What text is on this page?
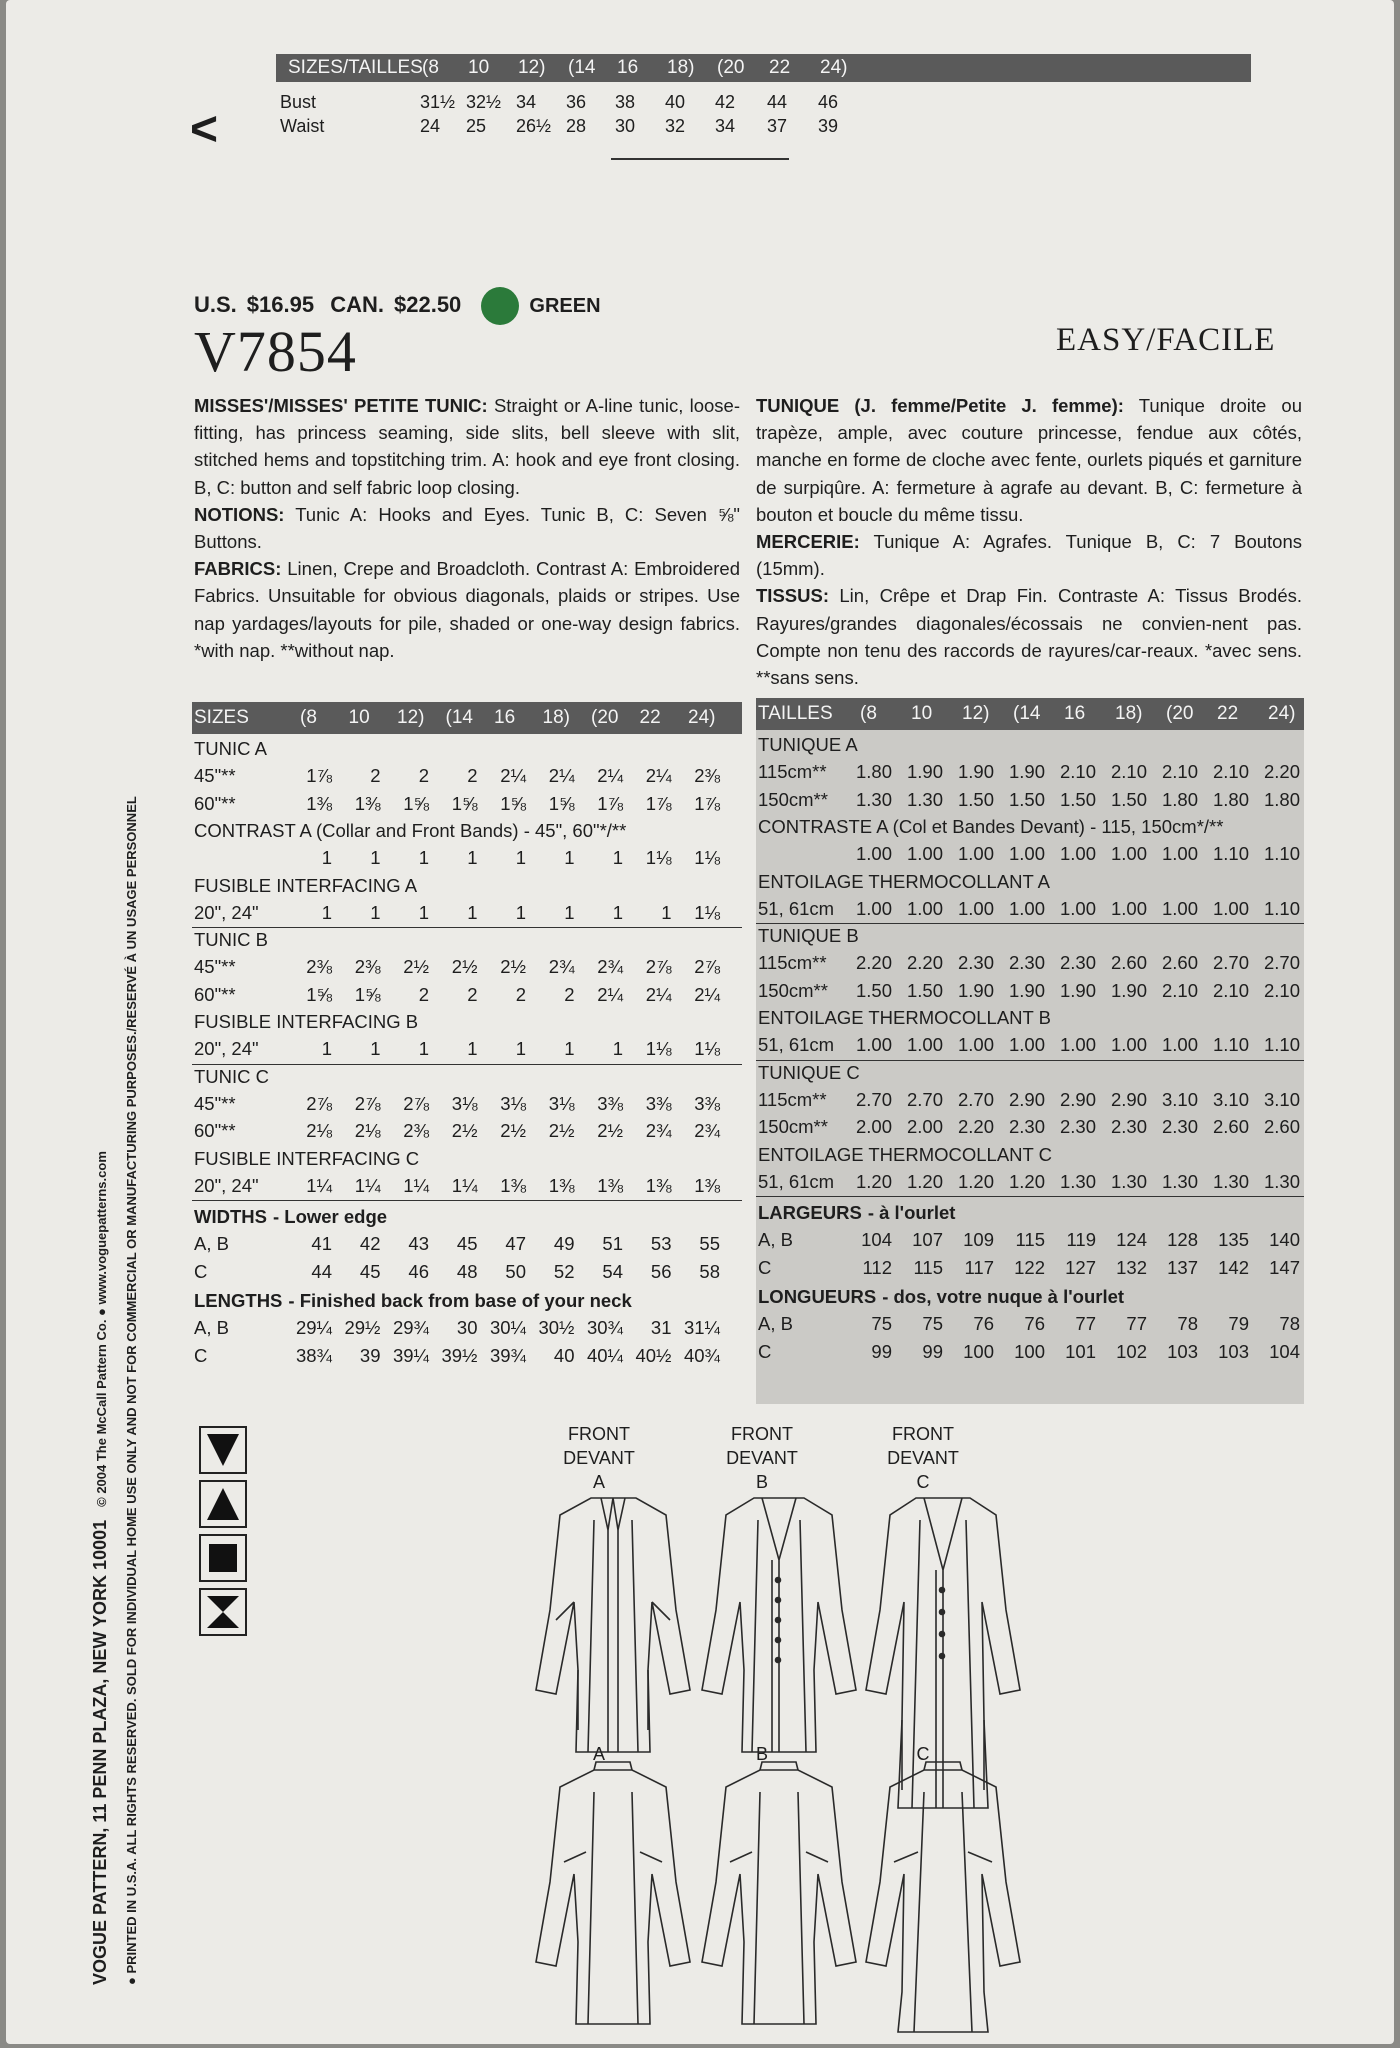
<
SIZES/TAILLES (8 10 12) (14 16 18) (20 22 24)
Bust	31½ 32½ 34 36 38 40 42 44 46
Waist	24 25 26½ 28 30 32 34 37 39
U.S. $16.95 CAN. $22.50	GREEN
V7854	EASY/FACILE
MISSES'/MISSES' PETITE TUNIC: Straight or A-line tunic, loose-fitting, has princess seaming, side slits, bell sleeve with slit, stitched hems and topstitching trim. A: hook and eye front closing. B, C: button and self fabric loop closing.
NOTIONS: Tunic A: Hooks and Eyes. Tunic B, C: Seven ⅝" Buttons.
FABRICS: Linen, Crepe and Broadcloth. Contrast A: Embroidered Fabrics. Unsuitable for obvious diagonals, plaids or stripes. Use nap yardages/layouts for pile, shaded or one-way design fabrics. *with nap. **without nap.
TUNIQUE (J. femme/Petite J. femme): Tunique droite ou trapèze, ample, avec couture princesse, fendue aux côtés, manche en forme de cloche avec fente, ourlets piqués et garniture de surpiqûre. A: fermeture à agrafe au devant. B, C: fermeture à bouton et boucle du même tissu.
MERCERIE: Tunique A: Agrafes. Tunique B, C: 7 Boutons (15mm).
TISSUS: Lin, Crêpe et Drap Fin. Contraste A: Tissus Brodés. Rayures/grandes diagonales/écossais ne convien-nent pas. Compte non tenu des raccords de rayures/car-reaux. *avec sens. **sans sens.
SIZES	(8 10 12) (14 16 18) (20 22 24)
TUNIC A
45"**	1⅞	2	2	2	2¼	2¼	2¼	2¼	2⅜
60"**	1⅜	1⅜	1⅝	1⅝	1⅝	1⅝	1⅞	1⅞	1⅞
CONTRAST A (Collar and Front Bands) - 45", 60"*/**
1	1	1	1	1	1	1	1⅛	1⅛
FUSIBLE INTERFACING A
20", 24"	1	1	1	1	1	1	1	1	1⅛
TUNIC B
45"**	2⅜	2⅜	2½	2½	2½	2¾	2¾	2⅞	2⅞
60"**	1⅝	1⅝	2	2	2	2	2¼	2¼	2¼
FUSIBLE INTERFACING B
20", 24"	1	1	1	1	1	1	1	1⅛	1⅛
TUNIC C
45"**	2⅞	2⅞	2⅞	3⅛	3⅛	3⅛	3⅜	3⅜	3⅜
60"**	2⅛	2⅛	2⅜	2½	2½	2½	2½	2¾	2¾
FUSIBLE INTERFACING C
20", 24"	1¼	1¼	1¼	1¼	1⅜	1⅜	1⅜	1⅜	1⅜
WIDTHS - Lower edge
A, B	41	42	43	45	47	49	51	53	55
C	44	45	46	48	50	52	54	56	58
LENGTHS - Finished back from base of your neck
A, B	29¼ 29½ 29¾	30 30¼ 30½ 30¾	31 31¼
C	38¾	39 39¼ 39½ 39¾	40 40¼ 40½ 40¾
TAILLES (8 10 12) (14 16 18) (20 22 24)
TUNIQUE A
115cm**	1.80 1.90 1.90 1.90 2.10 2.10 2.10 2.10 2.20
150cm**	1.30 1.30 1.50 1.50 1.50 1.50 1.80 1.80 1.80
CONTRASTE A (Col et Bandes Devant) - 115, 150cm*/**
1.00 1.00 1.00 1.00 1.00 1.00 1.00 1.10 1.10
ENTOILAGE THERMOCOLLANT A
51, 61cm	1.00 1.00 1.00 1.00 1.00 1.00 1.00 1.00 1.10
TUNIQUE B
115cm**	2.20 2.20 2.30 2.30 2.30 2.60 2.60 2.70 2.70
150cm**	1.50 1.50 1.90 1.90 1.90 1.90 2.10 2.10 2.10
ENTOILAGE THERMOCOLLANT B
51, 61cm	1.00 1.00 1.00 1.00 1.00 1.00 1.00 1.10 1.10
TUNIQUE C
115cm**	2.70 2.70 2.70 2.90 2.90 2.90 3.10 3.10 3.10
150cm**	2.00 2.00 2.20 2.30 2.30 2.30 2.30 2.60 2.60
ENTOILAGE THERMOCOLLANT C
51, 61cm	1.20 1.20 1.20 1.20 1.30 1.30 1.30 1.30 1.30
LARGEURS - à l'ourlet
A, B	104	107	109	115	119	124	128	135	140
C	112	115	117	122	127	132	137	142	147
LONGUEURS - dos, votre nuque à l'ourlet
A, B	75	75	76	76	77	77	78	79	78
C	99	99	100	100	101	102	103	103	104
FRONT
DEVANT
A
FRONT
DEVANT
B
FRONT
DEVANT
C
A	B	C
VOGUE PATTERN, 11 PENN PLAZA, NEW YORK 10001 © 2004 The McCall Pattern Co. ● www.voguepatterns.com ● PRINTED IN U.S.A. ALL RIGHTS RESERVED. SOLD FOR INDIVIDUAL HOME USE ONLY AND NOT FOR COMMERCIAL OR MANUFACTURING PURPOSES./RESERVÉ À UN USAGE PERSONNEL
